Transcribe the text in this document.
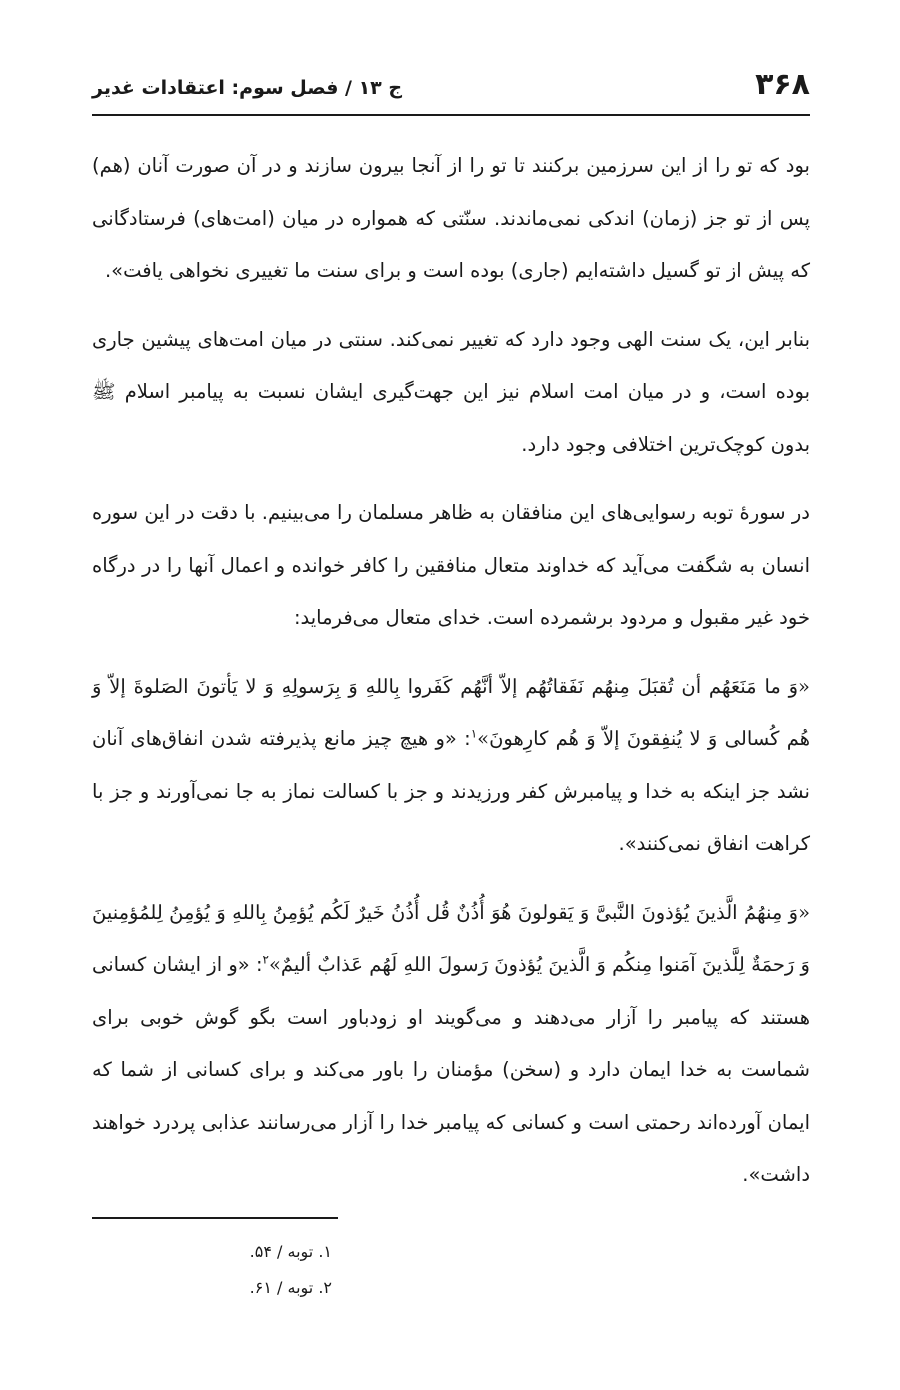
۳۶۸
ج ۱۳ / فصل سوم: اعتقادات غدیر

بود که تو را از این سرزمین برکنند تا تو را از آنجا بیرون سازند و در آن صورت آنان (هم) پس از تو جز (زمان) اندکی نمی‌ماندند. سنّتی که همواره در میان (امت‌های) فرستادگانی که پیش از تو گسیل داشته‌ایم (جاری) بوده است و برای سنت ما تغییری نخواهی یافت».

بنابر این، یک سنت الهی وجود دارد که تغییر نمی‌کند. سنتی در میان امت‌های پیشین جاری بوده است، و در میان امت اسلام نیز این جهت‌گیری ایشان نسبت به پیامبر اسلام ﷺ بدون کوچک‌ترین اختلافی وجود دارد.

در سورهٔ توبه رسوایی‌های این منافقان به ظاهر مسلمان را می‌بینیم. با دقت در این سوره انسان به شگفت می‌آید که خداوند متعال منافقین را کافر خوانده و اعمال آنها را در درگاه خود غیر مقبول و مردود برشمرده است. خدای متعال می‌فرماید:

«وَ ما مَنَعَهُم أن تُقبَلَ مِنهُم نَفَقاتُهُم إلاّ أنَّهُم کَفَروا بِاللهِ وَ بِرَسولِهِ وَ لا یَأتونَ الصَلوةَ إلاّ وَ هُم کُسالی وَ لا یُنفِقونَ إلاّ وَ هُم کارِهونَ»$^۱$: «و هیچ چیز مانع پذیرفته شدن انفاق‌های آنان نشد جز اینکه به خدا و پیامبرش کفر ورزیدند و جز با کسالت نماز به جا نمی‌آورند و جز با کراهت انفاق نمی‌کنند».

«وَ مِنهُمُ الَّذینَ یُؤذونَ النَّبیَّ وَ یَقولونَ هُوَ أُذُنٌ قُل أُذُنُ خَیرٌ لَکُم یُؤمِنُ بِاللهِ وَ یُؤمِنُ لِلمُؤمِنینَ وَ رَحمَةٌ لِلَّذینَ آمَنوا مِنکُم وَ الَّذینَ یُؤذونَ رَسولَ اللهِ لَهُم عَذابٌ ألیمٌ»$^۲$: «و از ایشان کسانی هستند که پیامبر را آزار می‌دهند و می‌گویند او زودباور است بگو گوش خوبی برای شماست به خدا ایمان دارد و (سخن) مؤمنان را باور می‌کند و برای کسانی از شما که ایمان آورده‌اند رحمتی است و کسانی که پیامبر خدا را آزار می‌رسانند عذابی پردرد خواهند داشت».

۱. توبه / ۵۴.
۲. توبه / ۶۱.
